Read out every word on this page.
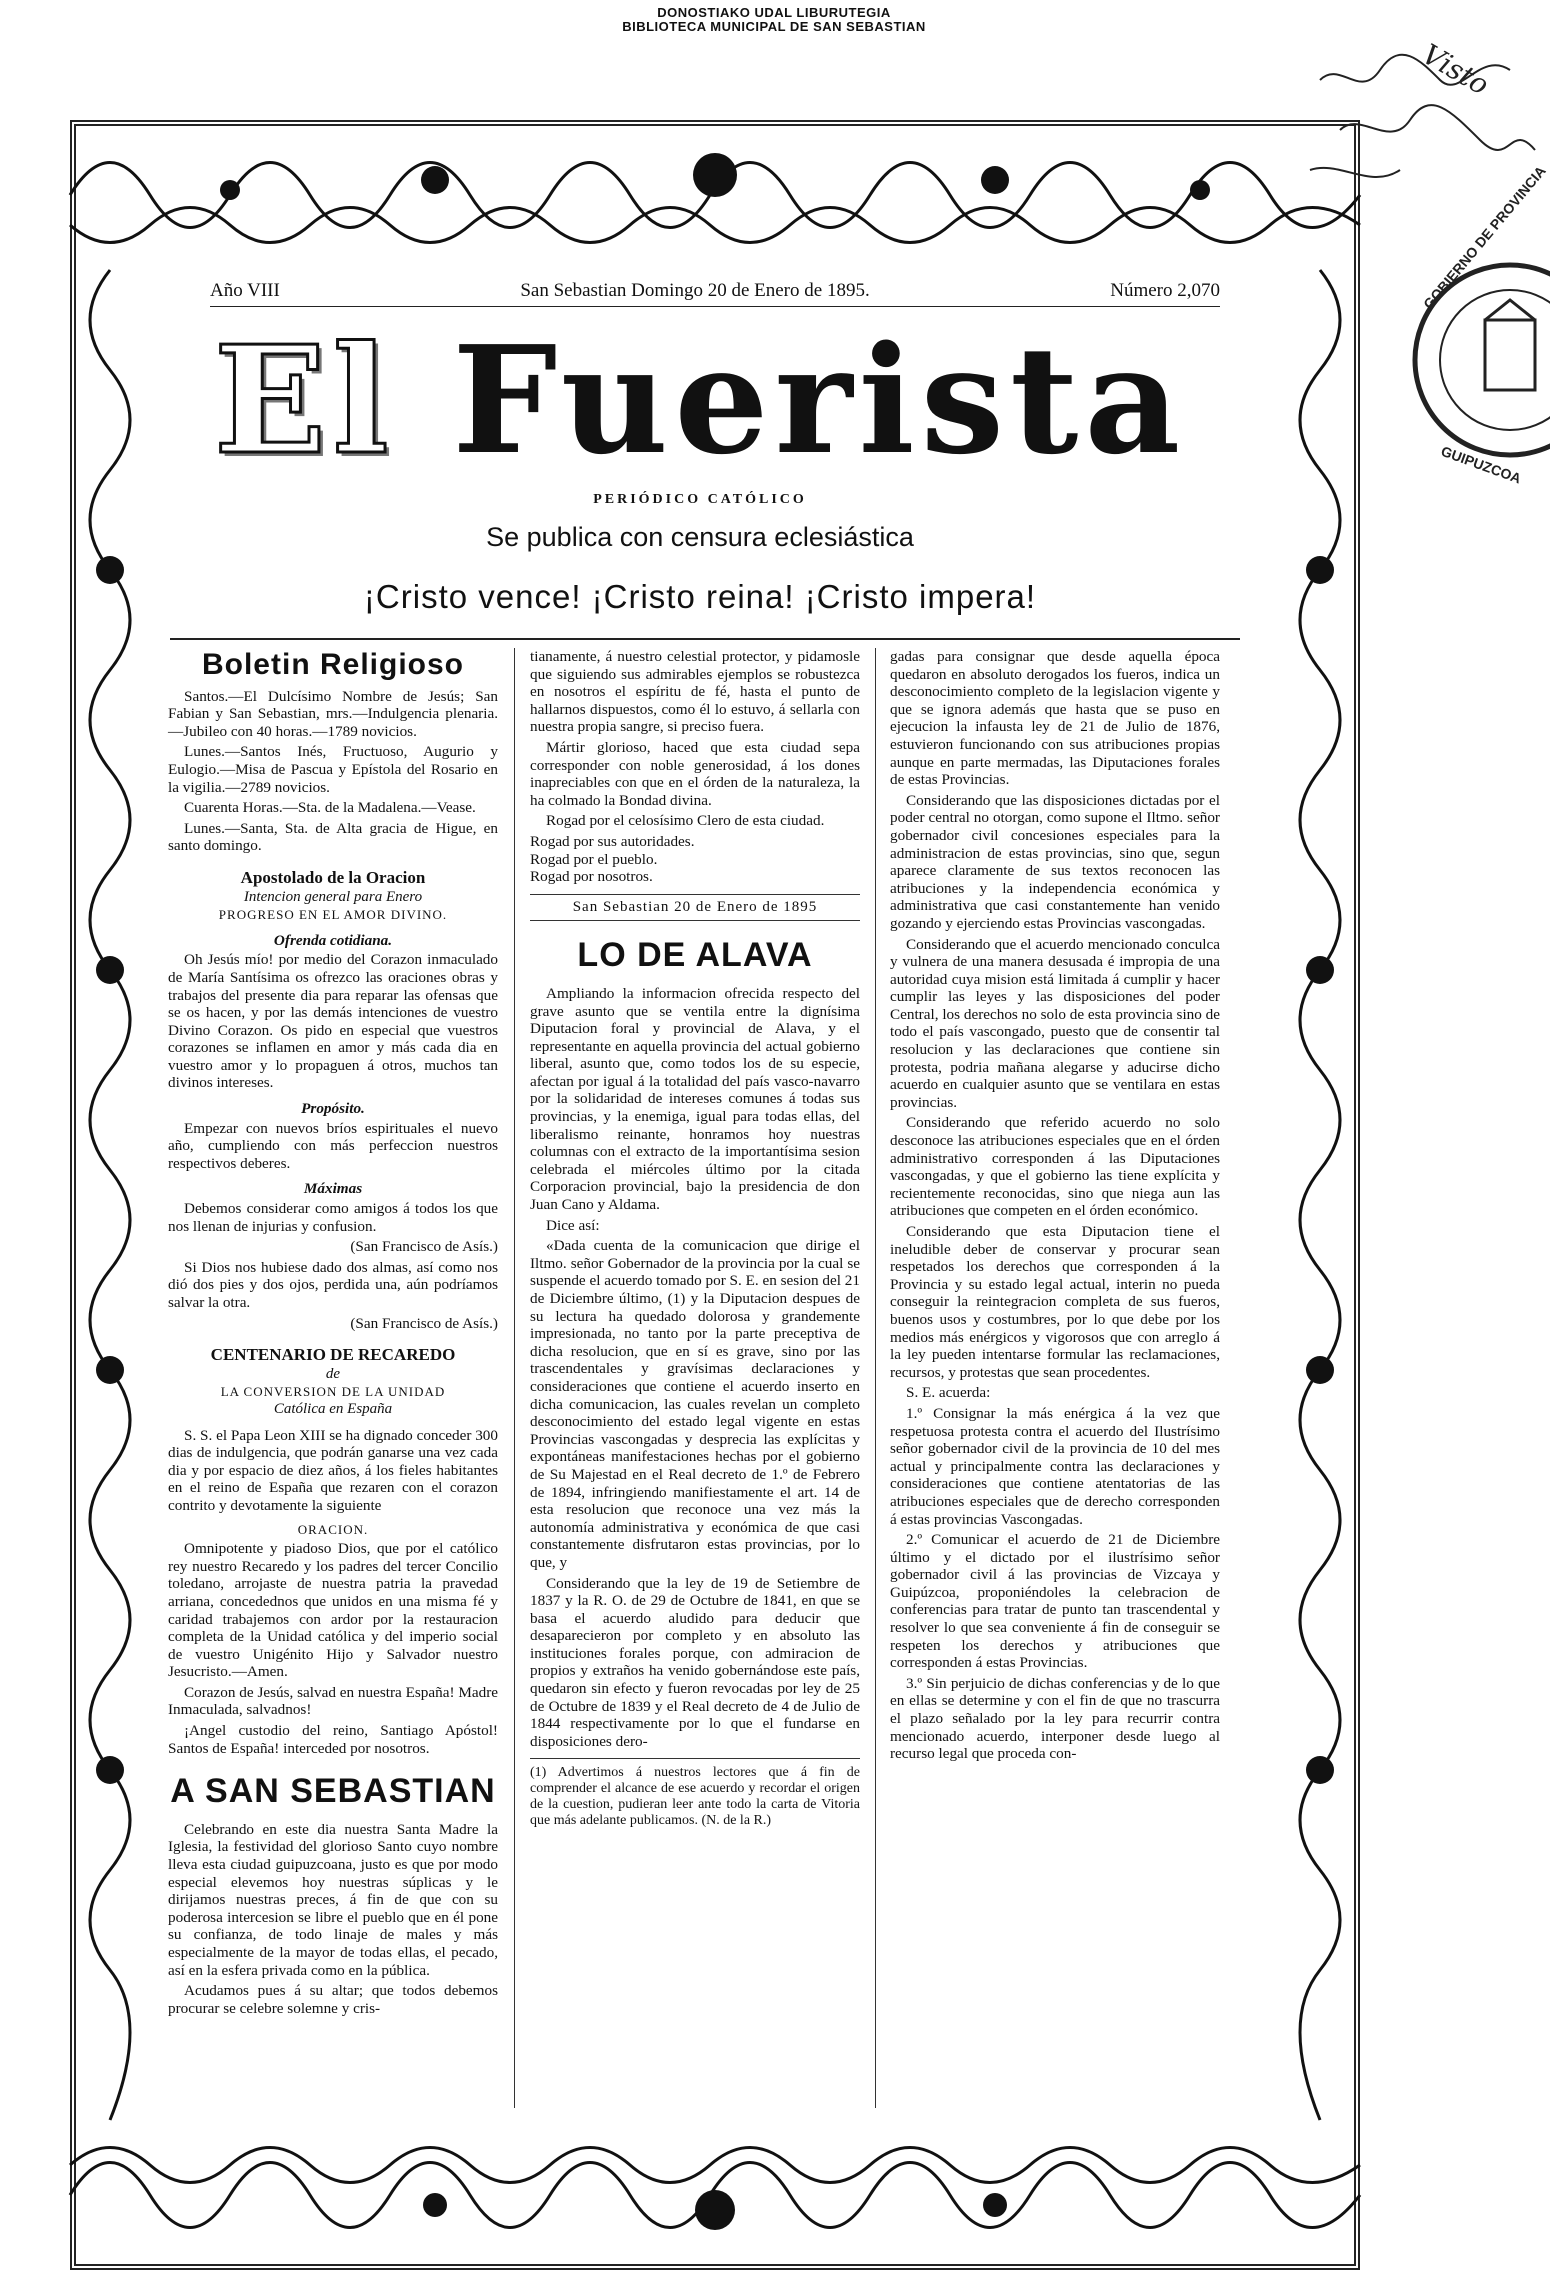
DONOSTIAKO UDAL LIBURUTEGIA
BIBLIOTECA MUNICIPAL DE SAN SEBASTIAN
Visto
GOBIERNO DE PROVINCIA
GUIPUZCOA
Año VIII	San Sebastian Domingo 20 de Enero de 1895.	Número 2,070
El Fuerista
PERIÓDICO CATÓLICO
Se publica con censura eclesiástica
¡Cristo vence! ¡Cristo reina! ¡Cristo impera!
Boletin Religioso

Santos.—El Dulcísimo Nombre de Jesús; San Fabian y San Sebastian, mrs.—Indulgencia plenaria.—Jubileo con 40 horas.—1789 novicios.

Lunes.—Santos Inés, Fructuoso, Augurio y Eulogio.—Misa de Pascua y Epístola del Rosario en la vigilia.—2789 novicios.

Cuarenta Horas.—Sta. de la Madalena.—Vease.

Lunes.—Santa, Sta. de Alta gracia de Higue, en santo domingo.

Apostolado de la Oracion
Intencion general para Enero
PROGRESO EN EL AMOR DIVINO.
Ofrenda cotidiana.

Oh Jesús mío! por medio del Corazon inmaculado de María Santísima os ofrezco las oraciones obras y trabajos del presente dia para reparar las ofensas que se os hacen, y por las demás intenciones de vuestro Divino Corazon. Os pido en especial que vuestros corazones se inflamen en amor y más cada dia en vuestro amor y lo propaguen á otros, muchos tan divinos intereses.

Propósito.

Empezar con nuevos bríos espirituales el nuevo año, cumpliendo con más perfeccion nuestros respectivos deberes.

Máximas

Debemos considerar como amigos á todos los que nos llenan de injurias y confusion.

(San Francisco de Asís.)

Si Dios nos hubiese dado dos almas, así como nos dió dos pies y dos ojos, perdida una, aún podríamos salvar la otra.

(San Francisco de Asís.)

CENTENARIO DE RECAREDO
de
LA CONVERSION DE LA UNIDAD
Católica en España

S. S. el Papa Leon XIII se ha dignado conceder 300 dias de indulgencia, que podrán ganarse una vez cada dia y por espacio de diez años, á los fieles habitantes en el reino de España que rezaren con el corazon contrito y devotamente la siguiente

ORACION.

Omnipotente y piadoso Dios, que por el católico rey nuestro Recaredo y los padres del tercer Concilio toledano, arrojaste de nuestra patria la pravedad arriana, concedednos que unidos en una misma fé y caridad trabajemos con ardor por la restauracion completa de la Unidad católica y del imperio social de vuestro Unigénito Hijo y Salvador nuestro Jesucristo.—Amen.

Corazon de Jesús, salvad en nuestra España! Madre Inmaculada, salvadnos!

¡Angel custodio del reino, Santiago Apóstol! Santos de España! interceded por nosotros.

A SAN SEBASTIAN

Celebrando en este dia nuestra Santa Madre la Iglesia, la festividad del glorioso Santo cuyo nombre lleva esta ciudad guipuzcoana, justo es que por modo especial elevemos hoy nuestras súplicas y le dirijamos nuestras preces, á fin de que con su poderosa intercesion se libre el pueblo que en él pone su confianza, de todo linaje de males y más especialmente de la mayor de todas ellas, el pecado, así en la esfera privada como en la pública.

Acudamos pues á su altar; que todos debemos procurar se celebre solemne y cris-

tianamente, á nuestro celestial protector, y pidamosle que siguiendo sus admirables ejemplos se robustezca en nosotros el espíritu de fé, hasta el punto de hallarnos dispuestos, como él lo estuvo, á sellarla con nuestra propia sangre, si preciso fuera.

Mártir glorioso, haced que esta ciudad sepa corresponder con noble generosidad, á los dones inapreciables con que en el órden de la naturaleza, la ha colmado la Bondad divina.

Rogad por el celosísimo Clero de esta ciudad.

Rogad por sus autoridades.

Rogad por el pueblo.

Rogad por nosotros.

San Sebastian 20 de Enero de 1895
LO DE ALAVA

Ampliando la informacion ofrecida respecto del grave asunto que se ventila entre la dignísima Diputacion foral y provincial de Alava, y el representante en aquella provincia del actual gobierno liberal, asunto que, como todos los de su especie, afectan por igual á la totalidad del país vasco-navarro por la solidaridad de intereses comunes á todas sus provincias, y la enemiga, igual para todas ellas, del liberalismo reinante, honramos hoy nuestras columnas con el extracto de la importantísima sesion celebrada el miércoles último por la citada Corporacion provincial, bajo la presidencia de don Juan Cano y Aldama.

Dice así:

«Dada cuenta de la comunicacion que dirige el Iltmo. señor Gobernador de la provincia por la cual se suspende el acuerdo tomado por S. E. en sesion del 21 de Diciembre último, (1) y la Diputacion despues de su lectura ha quedado dolorosa y grandemente impresionada, no tanto por la parte preceptiva de dicha resolucion, que en sí es grave, sino por las trascendentales y gravísimas declaraciones y consideraciones que contiene el acuerdo inserto en dicha comunicacion, las cuales revelan un completo desconocimiento del estado legal vigente en estas Provincias vascongadas y desprecia las explícitas y expontáneas manifestaciones hechas por el gobierno de Su Majestad en el Real decreto de 1.º de Febrero de 1894, infringiendo manifiestamente el art. 14 de esta resolucion que reconoce una vez más la autonomía administrativa y económica de que casi constantemente disfrutaron estas provincias, por lo que, y

Considerando que la ley de 19 de Setiembre de 1837 y la R. O. de 29 de Octubre de 1841, en que se basa el acuerdo aludido para deducir que desaparecieron por completo y en absoluto las instituciones forales porque, con admiracion de propios y extraños ha venido gobernándose este país, quedaron sin efecto y fueron revocadas por ley de 25 de Octubre de 1839 y el Real decreto de 4 de Julio de 1844 respectivamente por lo que el fundarse en disposiciones dero-

(1) Advertimos á nuestros lectores que á fin de comprender el alcance de ese acuerdo y recordar el origen de la cuestion, pudieran leer ante todo la carta de Vitoria que más adelante publicamos. (N. de la R.)

gadas para consignar que desde aquella época quedaron en absoluto derogados los fueros, indica un desconocimiento completo de la legislacion vigente y que se ignora además que hasta que se puso en ejecucion la infausta ley de 21 de Julio de 1876, estuvieron funcionando con sus atribuciones propias aunque en parte mermadas, las Diputaciones forales de estas Provincias.

Considerando que las disposiciones dictadas por el poder central no otorgan, como supone el Iltmo. señor gobernador civil concesiones especiales para la administracion de estas provincias, sino que, segun aparece claramente de sus textos reconocen las atribuciones y la independencia económica y administrativa que casi constantemente han venido gozando y ejerciendo estas Provincias vascongadas.

Considerando que el acuerdo mencionado conculca y vulnera de una manera desusada é impropia de una autoridad cuya mision está limitada á cumplir y hacer cumplir las leyes y las disposiciones del poder Central, los derechos no solo de esta provincia sino de todo el país vascongado, puesto que de consentir tal resolucion y las declaraciones que contiene sin protesta, podria mañana alegarse y aducirse dicho acuerdo en cualquier asunto que se ventilara en estas provincias.

Considerando que referido acuerdo no solo desconoce las atribuciones especiales que en el órden administrativo corresponden á las Diputaciones vascongadas, y que el gobierno las tiene explícita y recientemente reconocidas, sino que niega aun las atribuciones que competen en el órden económico.

Considerando que esta Diputacion tiene el ineludible deber de conservar y procurar sean respetados los derechos que corresponden á la Provincia y su estado legal actual, interin no pueda conseguir la reintegracion completa de sus fueros, buenos usos y costumbres, por lo que debe por los medios más enérgicos y vigorosos que con arreglo á la ley pueden intentarse formular las reclamaciones, recursos, y protestas que sean procedentes.

S. E. acuerda:

1.º Consignar la más enérgica á la vez que respetuosa protesta contra el acuerdo del Ilustrísimo señor gobernador civil de la provincia de 10 del mes actual y principalmente contra las declaraciones y consideraciones que contiene atentatorias de las atribuciones especiales que de derecho corresponden á estas provincias Vascongadas.

2.º Comunicar el acuerdo de 21 de Diciembre último y el dictado por el ilustrísimo señor gobernador civil á las provincias de Vizcaya y Guipúzcoa, proponiéndoles la celebracion de conferencias para tratar de punto tan trascendental y resolver lo que sea conveniente á fin de conseguir se respeten los derechos y atribuciones que corresponden á estas Provincias.

3.º Sin perjuicio de dichas conferencias y de lo que en ellas se determine y con el fin de que no trascurra el plazo señalado por la ley para recurrir contra mencionado acuerdo, interponer desde luego al recurso legal que proceda con-
